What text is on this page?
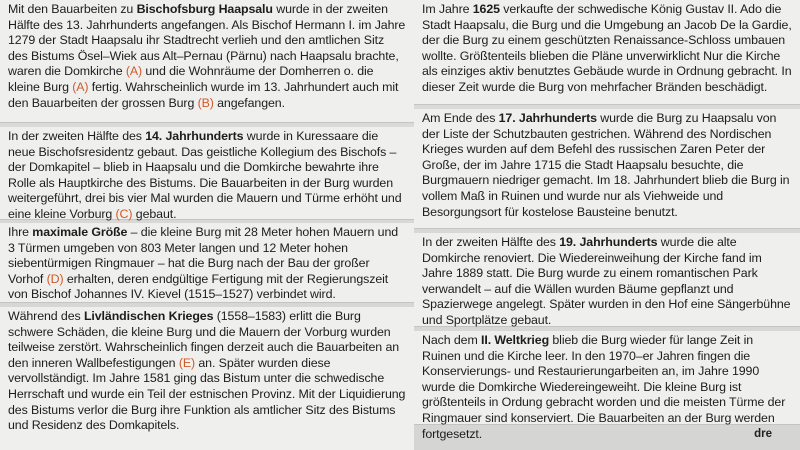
Mit den Bauarbeiten zu Bischofsburg Haapsalu wurde in der zweiten Hälfte des 13. Jahrhunderts angefangen. Als Bischof Hermann I. im Jahre 1279 der Stadt Haapsalu ihr Stadtrecht verlieh und den amtlichen Sitz des Bistums Ösel–Wiek aus Alt–Pernau (Pärnu) nach Haapsalu brachte, waren die Domkirche (A) und die Wohnräume der Domherren o. die kleine Burg (A) fertig. Wahrscheinlich wurde im 13. Jahrhundert auch mit den Bauarbeiten der grossen Burg (B) angefangen.
In der zweiten Hälfte des 14. Jahrhunderts wurde in Kuressaare die neue Bischofsresidentz gebaut. Das geistliche Kollegium des Bischofs – der Domkapitel – blieb in Haapsalu und die Domkirche bewahrte ihre Rolle als Hauptkirche des Bistums. Die Bauarbeiten in der Burg wurden weitergeführt, drei bis vier Mal wurden die Mauern und Türme erhöht und eine kleine Vorburg (C) gebaut.
Ihre maximale Größe – die kleine Burg mit 28 Meter hohen Mauern und 3 Türmen umgeben von 803 Meter langen und 12 Meter hohen siebentürmigen Ringmauer – hat die Burg nach der Bau der großer Vorhof (D) erhalten, deren endgültige Fertigung mit der Regierungszeit von Bischof Johannes IV. Kievel (1515–1527) verbindet wird.
Während des Livländischen Krieges (1558–1583) erlitt die Burg schwere Schäden, die kleine Burg und die Mauern der Vorburg wurden teilweise zerstört. Wahrscheinlich fingen derzeit auch die Bauarbeiten an den inneren Wallbefestigungen (E) an. Später wurden diese vervollständigt. Im Jahre 1581 ging das Bistum unter die schwedische Herrschaft und wurde ein Teil der estnischen Provinz. Mit der Liquidierung des Bistums verlor die Burg ihre Funktion als amtlicher Sitz des Bistums und Residenz des Domkapitels.
Im Jahre 1625 verkaufte der schwedische König Gustav II. Ado die Stadt Haapsalu, die Burg und die Umgebung an Jacob De la Gardie, der die Burg zu einem geschützten Renaissance-Schloss umbauen wollte. Größtenteils blieben die Pläne unverwirklicht Nur die Kirche als einziges aktiv benutztes Gebäude wurde in Ordnung gebracht. In dieser Zeit wurde die Burg von mehrfacher Bränden beschädigt.
Am Ende des 17. Jahrhunderts wurde die Burg zu Haapsalu von der Liste der Schutzbauten gestrichen. Während des Nordischen Krieges wurden auf dem Befehl des russischen Zaren Peter der Große, der im Jahre 1715 die Stadt Haapsalu besuchte, die Burgmauern niedriger gemacht. Im 18. Jahrhundert blieb die Burg in vollem Maß in Ruinen und wurde nur als Viehweide und Besorgungsort für kostelose Bausteine benutzt.
In der zweiten Hälfte des 19. Jahrhunderts wurde die alte Domkirche renoviert. Die Wiedereinweihung der Kirche fand im Jahre 1889 statt. Die Burg wurde zu einem romantischen Park verwandelt – auf die Wällen wurden Bäume gepflanzt und Spazierwege angelegt. Später wurden in den Hof eine Sängerbühne und Sportplätze gebaut.
Nach dem II. Weltkrieg blieb die Burg wieder für lange Zeit in Ruinen und die Kirche leer. In den 1970–er Jahren fingen die Konservierungs- und Restaurierungarbeiten an, im Jahre 1990 wurde die Domkirche Wiedereingeweiht. Die kleine Burg ist größtenteils in Ordung gebracht worden und die meisten Türme der Ringmauer sind konserviert. Die Bauarbeiten an der Burg werden fortgesetzt.	dre
